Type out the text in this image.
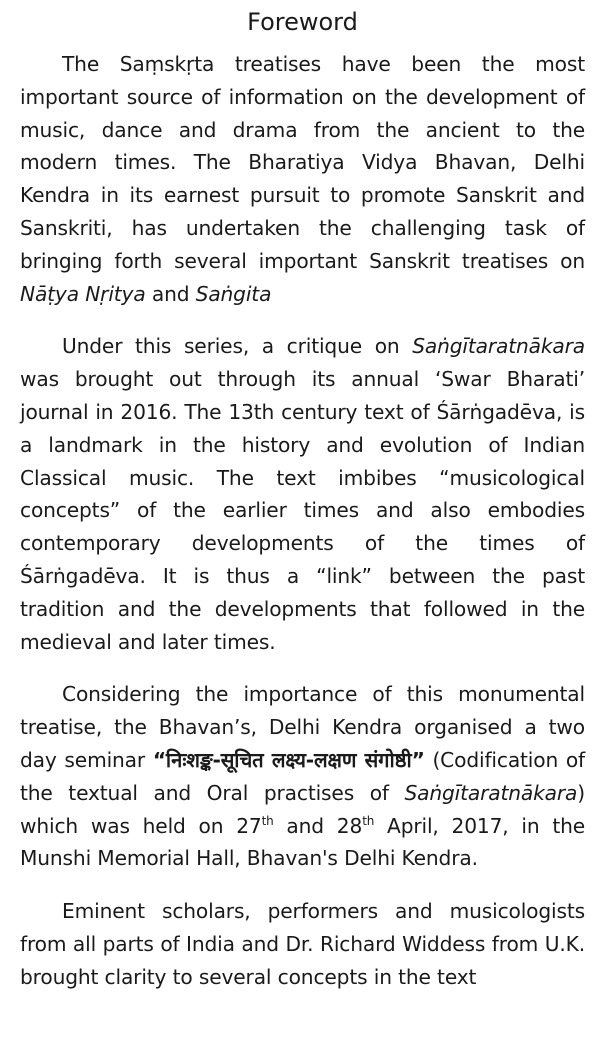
Foreword

The Saṃskṛta treatises have been the most important source of information on the development of music, dance and drama from the ancient to the modern times. The Bharatiya Vidya Bhavan, Delhi Kendra in its earnest pursuit to promote Sanskrit and Sanskriti, has undertaken the challenging task of bringing forth several important Sanskrit treatises on Nāṭya Nṛitya and Saṅgita

Under this series, a critique on Saṅgītaratnākara was brought out through its annual ‘Swar Bharati’ journal in 2016. The 13th century text of Śārṅgadēva, is a landmark in the history and evolution of Indian Classical music. The text imbibes “musicological concepts” of the earlier times and also embodies contemporary developments of the times of Śārṅgadēva. It is thus a “link” between the past tradition and the developments that followed in the medieval and later times.

Considering the importance of this monumental treatise, the Bhavan’s, Delhi Kendra organised a two day seminar “निःशङ्क-सूचित लक्ष्य-लक्षण संगोष्ठी” (Codification of the textual and Oral practises of Saṅgītaratnākara) which was held on 27th and 28th April, 2017, in the Munshi Memorial Hall, Bhavan's Delhi Kendra.

Eminent scholars, performers and musicologists from all parts of India and Dr. Richard Widdess from U.K. brought clarity to several concepts in the text
